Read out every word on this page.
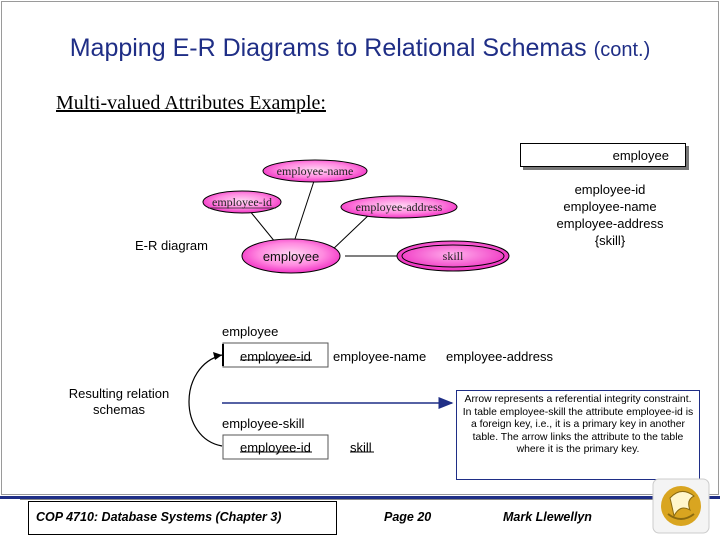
Mapping E-R Diagrams to Relational Schemas (cont.)
Multi-valued Attributes Example:
employee-name
employee-id	employee-address
employee	skill
E-R diagram
employee
employee-id
employee-name
employee-address
{skill}
employee
employee-id employee-name employee-address
Resulting relation schemas
employee-skill
employee-id	skill
Arrow represents a referential integrity constraint. In table employee-skill the attribute employee-id is a foreign key, i.e., it is a primary key in another table. The arrow links the attribute to the table where it is the primary key.
COP 4710: Database Systems (Chapter 3)	Page 20	Mark Llewellyn
